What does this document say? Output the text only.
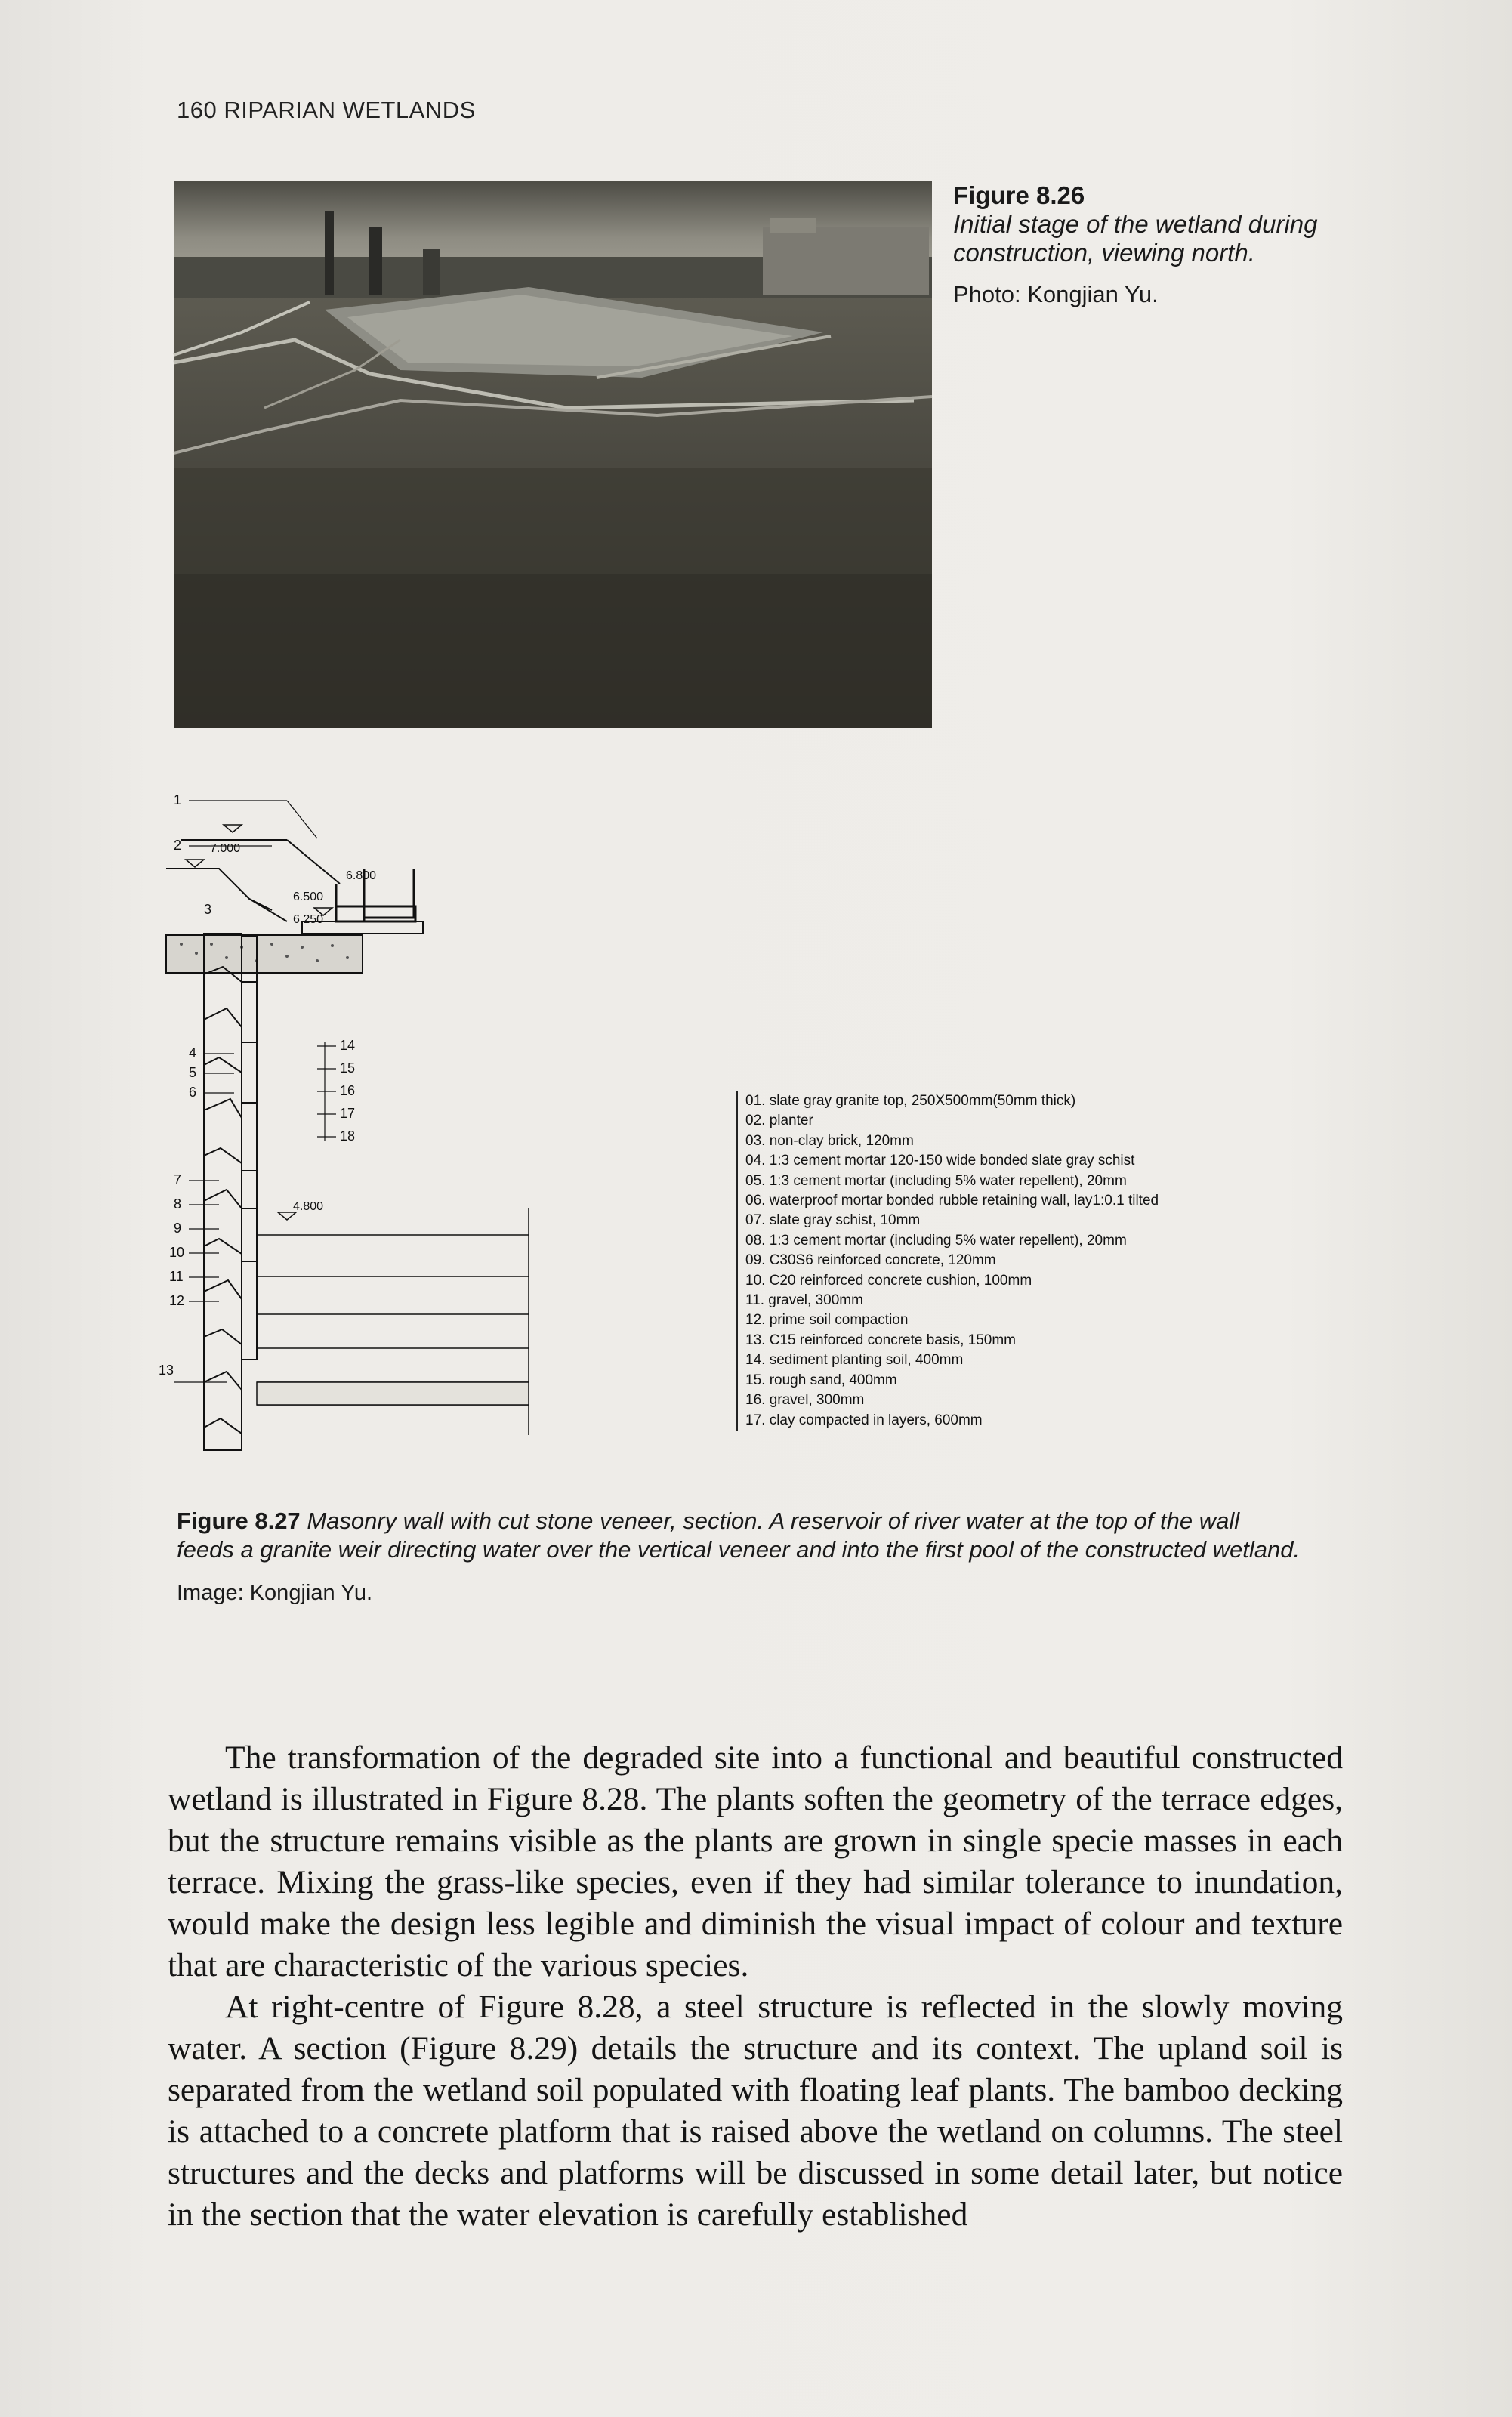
160 RIPARIAN WETLANDS
Figure 8.26
Initial stage of the wetland during construction, viewing north.
Photo: Kongjian Yu.
7.000
6.800
6.500
6.250
4.800
1
2
3
4
5
6
7
8
9
10
11
12
13
14
15
16
17
18
01. slate gray granite top, 250X500mm(50mm thick)
02. planter
03. non-clay brick, 120mm
04. 1:3 cement mortar 120-150 wide bonded slate gray schist
05. 1:3 cement mortar (including 5% water repellent), 20mm
06. waterproof mortar bonded rubble retaining wall, lay1:0.1 tilted
07. slate gray schist, 10mm
08. 1:3 cement mortar (including 5% water repellent), 20mm
09. C30S6 reinforced concrete, 120mm
10. C20 reinforced concrete cushion, 100mm
11. gravel, 300mm
12. prime soil compaction
13. C15 reinforced concrete basis, 150mm
14. sediment planting soil, 400mm
15. rough sand, 400mm
16. gravel, 300mm
17. clay compacted in layers, 600mm
Figure 8.27 Masonry wall with cut stone veneer, section. A reservoir of river water at the top of the wall feeds a granite weir directing water over the vertical veneer and into the first pool of the constructed wetland.
Image: Kongjian Yu.

The transformation of the degraded site into a functional and beautiful constructed wetland is illustrated in Figure 8.28. The plants soften the geometry of the terrace edges, but the structure remains visible as the plants are grown in single specie masses in each terrace. Mixing the grass-like species, even if they had similar tolerance to inundation, would make the design less legible and diminish the visual impact of colour and texture that are characteristic of the various species.

At right-centre of Figure 8.28, a steel structure is reflected in the slowly moving water. A section (Figure 8.29) details the structure and its context. The upland soil is separated from the wetland soil populated with floating leaf plants. The bamboo decking is attached to a concrete platform that is raised above the wetland on columns. The steel structures and the decks and platforms will be discussed in some detail later, but notice in the section that the water elevation is carefully established
